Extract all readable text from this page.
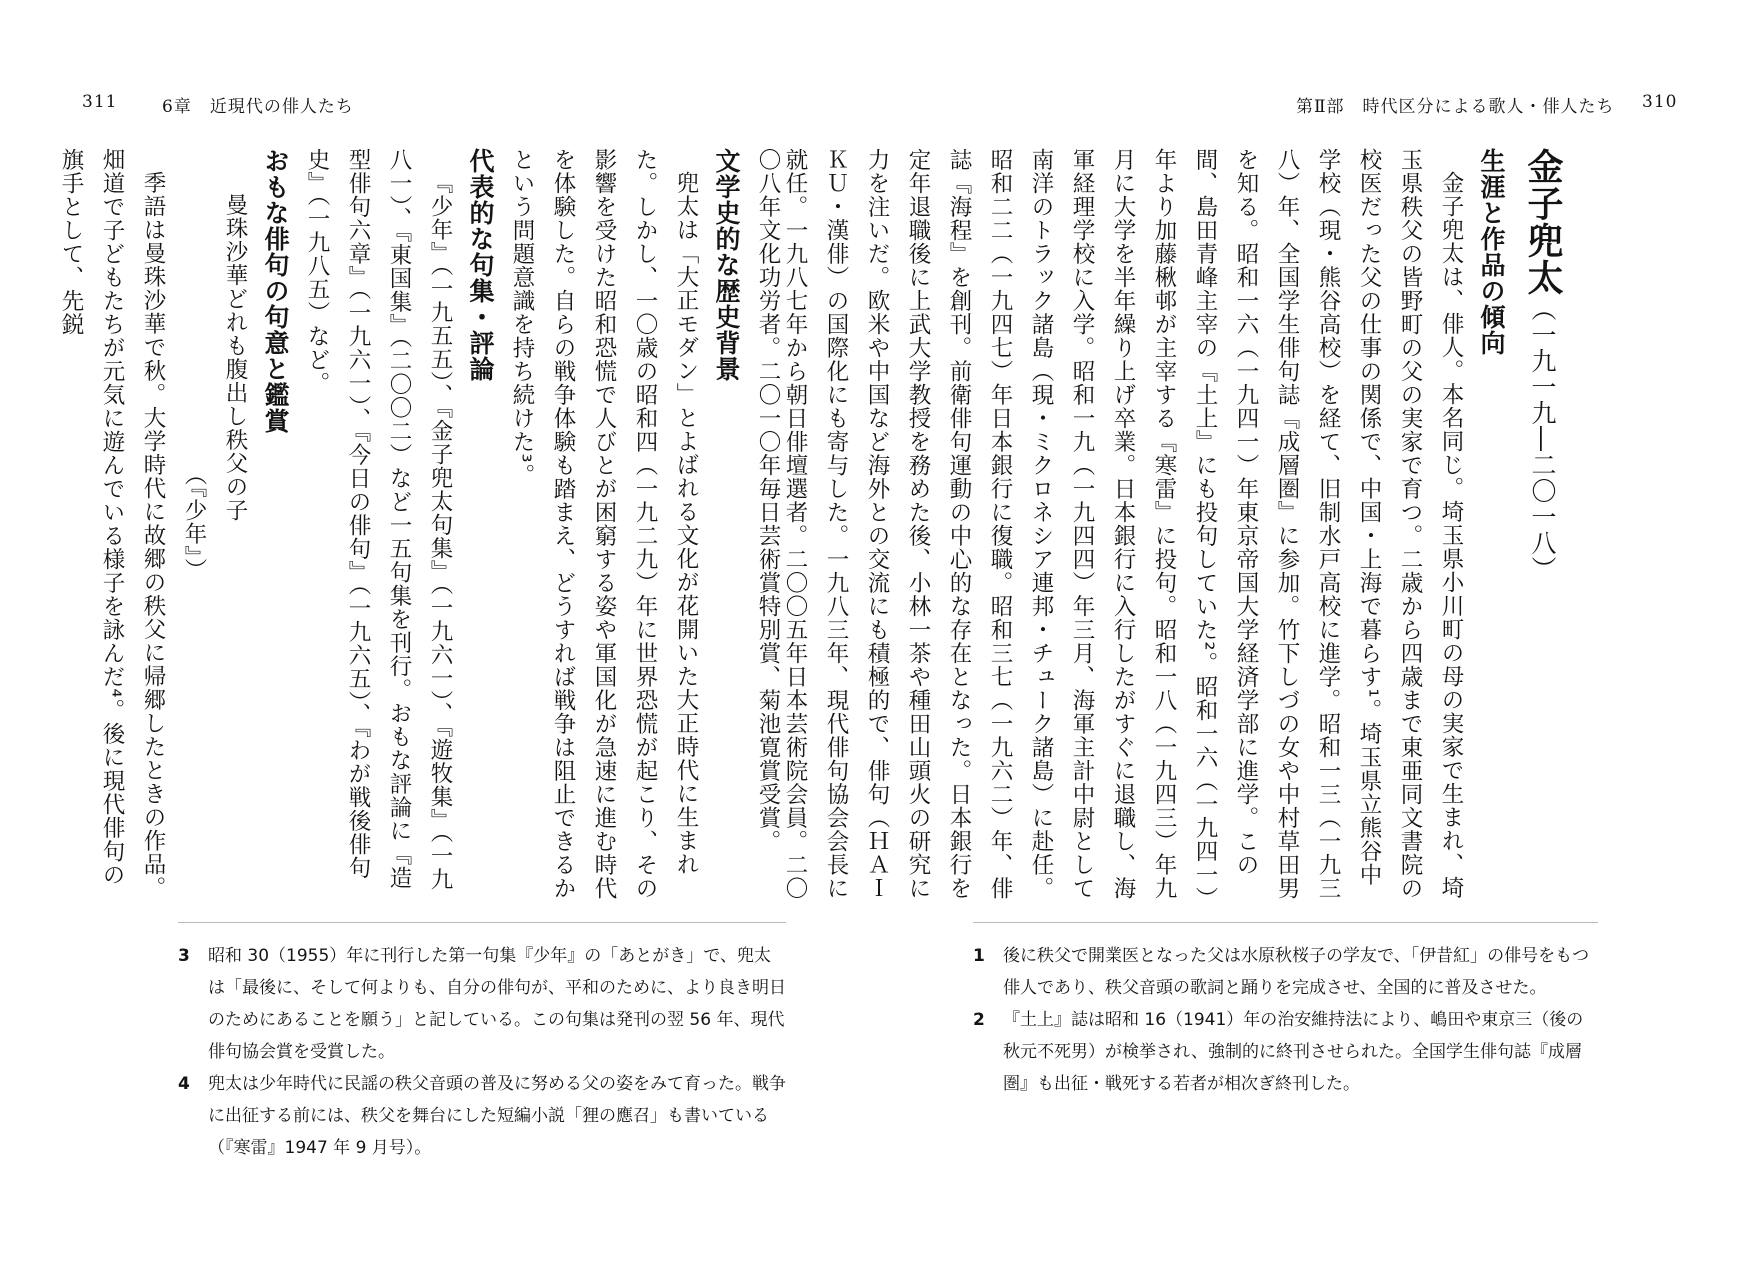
311	6章　近現代の俳人たち

〇八年文化功労者。二〇一〇年毎日芸術賞特別賞、菊池寛賞受賞。

文学史的な歴史背景

兜太は「大正モダン」とよばれる文化が花開いた大正時代に生まれた。しかし、一〇歳の昭和四（一九二九）年に世界恐慌が起こり、その影響を受けた昭和恐慌で人びとが困窮する姿や軍国化が急速に進む時代を体験した。自らの戦争体験も踏まえ、どうすれば戦争は阻止できるかという問題意識を持ち続けた³。

代表的な句集・評論

『少年』（一九五五）、『金子兜太句集』（一九六一）、『遊牧集』（一九八一）、『東国集』（二〇〇二）など一五句集を刊行。おもな評論に『造型俳句六章』（一九六一）、『今日の俳句』（一九六五）、『わが戦後俳句史』（一九八五）など。

おもな俳句の句意と鑑賞

曼珠沙華どれも腹出し秩父の子

（『少年』）

季語は曼珠沙華で秋。大学時代に故郷の秩父に帰郷したときの作品。畑道で子どもたちが元気に遊んでいる様子を詠んだ⁴。後に現代俳句の旗手として、先鋭

3	昭和 30（1955）年に刊行した第一句集『少年』の「あとがき」で、兜太は「最後に、そして何よりも、自分の俳句が、平和のために、より良き明日のためにあることを願う」と記している。この句集は発刊の翌 56 年、現代俳句協会賞を受賞した。
4	兜太は少年時代に民謡の秩父音頭の普及に努める父の姿をみて育った。戦争に出征する前には、秩父を舞台にした短編小説「狸の應召」も書いている（『寒雷』1947 年 9 月号）。
第Ⅱ部　時代区分による歌人・俳人たち 310

金子兜太（一九一九―二〇一八）

生涯と作品の傾向

金子兜太は、俳人。本名同じ。埼玉県小川町の母の実家で生まれ、埼玉県秩父の皆野町の父の実家で育つ。二歳から四歳まで東亜同文書院の校医だった父の仕事の関係で、中国・上海で暮らす¹。埼玉県立熊谷中学校（現・熊谷高校）を経て、旧制水戸高校に進学。昭和一三（一九三八）年、全国学生俳句誌『成層圏』に参加。竹下しづの女や中村草田男を知る。昭和一六（一九四一）年東京帝国大学経済学部に進学。この間、島田青峰主宰の『土上』にも投句していた²。昭和一六（一九四一）年より加藤楸邨が主宰する『寒雷』に投句。昭和一八（一九四三）年九月に大学を半年繰り上げ卒業。日本銀行に入行したがすぐに退職し、海軍経理学校に入学。昭和一九（一九四四）年三月、海軍主計中尉として南洋のトラック諸島（現・ミクロネシア連邦・チューク諸島）に赴任。昭和二二（一九四七）年日本銀行に復職。昭和三七（一九六二）年、俳誌『海程』を創刊。前衛俳句運動の中心的な存在となった。日本銀行を定年退職後に上武大学教授を務めた後、小林一茶や種田山頭火の研究に力を注いだ。欧米や中国など海外との交流にも積極的で、俳句（ＨＡＩＫＵ・漢俳）の国際化にも寄与した。一九八三年、現代俳句協会会長に就任。一九八七年から朝日俳壇選者。二〇〇五年日本芸術院会員。二〇

1	後に秩父で開業医となった父は水原秋桜子の学友で、「伊昔紅」の俳号をもつ俳人であり、秩父音頭の歌詞と踊りを完成させ、全国的に普及させた。
2	『土上』誌は昭和 16（1941）年の治安維持法により、嶋田や東京三（後の秋元不死男）が検挙され、強制的に終刊させられた。全国学生俳句誌『成層圏』も出征・戦死する若者が相次ぎ終刊した。
